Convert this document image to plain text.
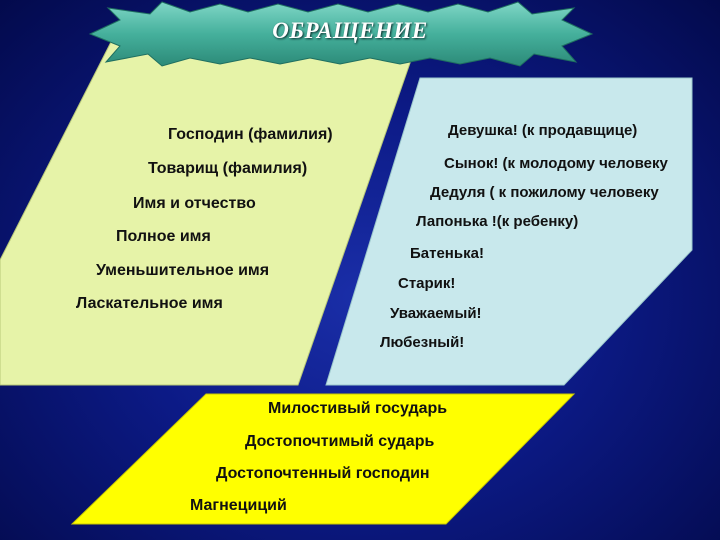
ОБРАЩЕНИЕ
Господин (фамилия)
Товарищ (фамилия)
Имя и отчество
Полное имя
Уменьшительное имя
Ласкательное имя
Девушка! (к продавщице)
Сынок! (к молодому человеку
Дедуля ( к пожилому человеку
Лапонька !(к ребенку)
Батенька!
Старик!
Уважаемый!
Любезный!
Милостивый государь
Достопочтимый сударь
Достопочтенный господин
Магнециций
